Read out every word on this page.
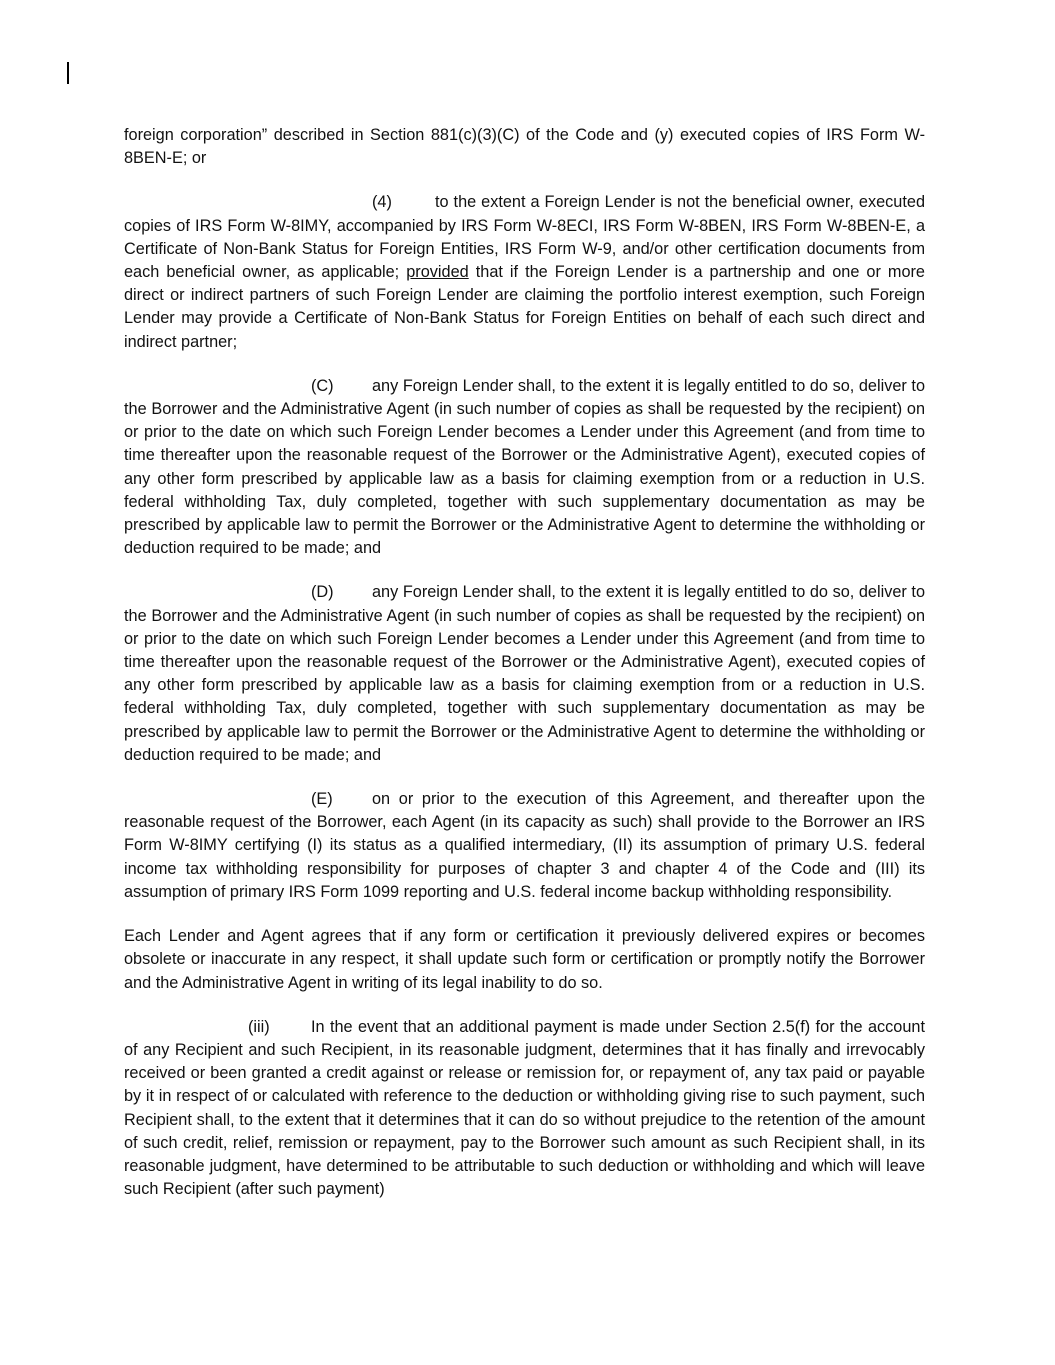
foreign corporation” described in Section 881(c)(3)(C) of the Code and (y) executed copies of IRS Form W-8BEN-E; or

(4)	to the extent a Foreign Lender is not the beneficial owner, executed copies of IRS Form W-8IMY, accompanied by IRS Form W-8ECI, IRS Form W-8BEN, IRS Form W-8BEN-E, a Certificate of Non-Bank Status for Foreign Entities, IRS Form W-9, and/or other certification documents from each beneficial owner, as applicable; provided that if the Foreign Lender is a partnership and one or more direct or indirect partners of such Foreign Lender are claiming the portfolio interest exemption, such Foreign Lender may provide a Certificate of Non-Bank Status for Foreign Entities on behalf of each such direct and indirect partner;

(C) any Foreign Lender shall, to the extent it is legally entitled to do so, deliver to the Borrower and the Administrative Agent (in such number of copies as shall be requested by the recipient) on or prior to the date on which such Foreign Lender becomes a Lender under this Agreement (and from time to time thereafter upon the reasonable request of the Borrower or the Administrative Agent), executed copies of any other form prescribed by applicable law as a basis for claiming exemption from or a reduction in U.S. federal withholding Tax, duly completed, together with such supplementary documentation as may be prescribed by applicable law to permit the Borrower or the Administrative Agent to determine the withholding or deduction required to be made; and

(D) any Foreign Lender shall, to the extent it is legally entitled to do so, deliver to the Borrower and the Administrative Agent (in such number of copies as shall be requested by the recipient) on or prior to the date on which such Foreign Lender becomes a Lender under this Agreement (and from time to time thereafter upon the reasonable request of the Borrower or the Administrative Agent), executed copies of any other form prescribed by applicable law as a basis for claiming exemption from or a reduction in U.S. federal withholding Tax, duly completed, together with such supplementary documentation as may be prescribed by applicable law to permit the Borrower or the Administrative Agent to determine the withholding or deduction required to be made; and

(E) on or prior to the execution of this Agreement, and thereafter upon the reasonable request of the Borrower, each Agent (in its capacity as such) shall provide to the Borrower an IRS Form W-8IMY certifying (I) its status as a qualified intermediary, (II) its assumption of primary U.S. federal income tax withholding responsibility for purposes of chapter 3 and chapter 4 of the Code and (III) its assumption of primary IRS Form 1099 reporting and U.S. federal income backup withholding responsibility.

Each Lender and Agent agrees that if any form or certification it previously delivered expires or becomes obsolete or inaccurate in any respect, it shall update such form or certification or promptly notify the Borrower and the Administrative Agent in writing of its legal inability to do so.

(iii)	In the event that an additional payment is made under Section 2.5(f) for the account of any Recipient and such Recipient, in its reasonable judgment, determines that it has finally and irrevocably received or been granted a credit against or release or remission for, or repayment of, any tax paid or payable by it in respect of or calculated with reference to the deduction or withholding giving rise to such payment, such Recipient shall, to the extent that it determines that it can do so without prejudice to the retention of the amount of such credit, relief, remission or repayment, pay to the Borrower such amount as such Recipient shall, in its reasonable judgment, have determined to be attributable to such deduction or withholding and which will leave such Recipient (after such payment)
